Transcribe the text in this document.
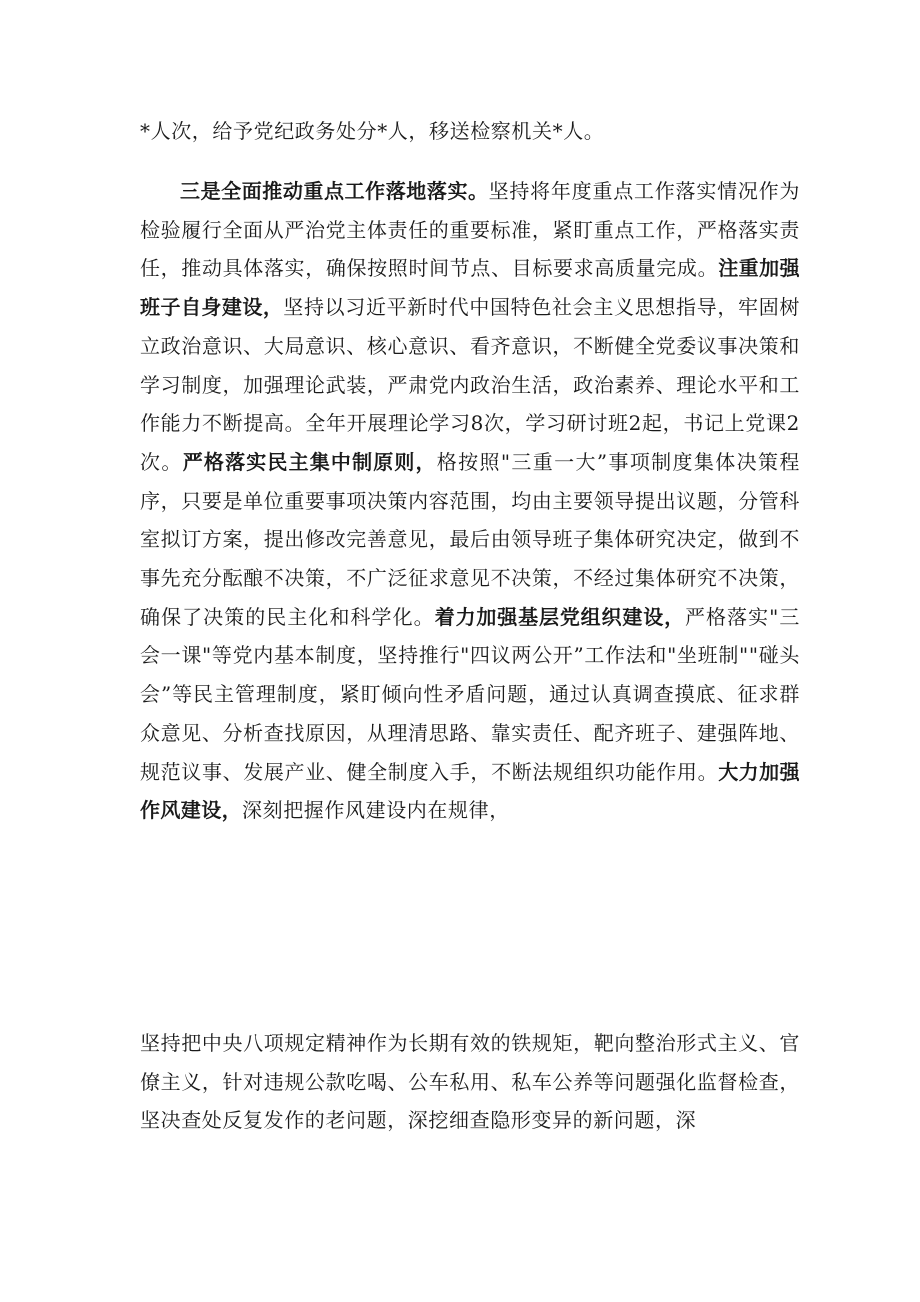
*人次，给予党纪政务处分*人，移送检察机关*人。

三是全面推动重点工作落地落实。坚持将年度重点工作落实情况作为检验履行全面从严治党主体责任的重要标准，紧盯重点工作，严格落实责任，推动具体落实，确保按照时间节点、目标要求高质量完成。注重加强班子自身建设，坚持以习近平新时代中国特色社会主义思想指导，牢固树立政治意识、大局意识、核心意识、看齐意识，不断健全党委议事决策和学习制度，加强理论武装，严肃党内政治生活，政治素养、理论水平和工作能力不断提高。全年开展理论学习8次，学习研讨班2起，书记上党课2次。严格落实民主集中制原则，格按照"三重一大”事项制度集体决策程序，只要是单位重要事项决策内容范围，均由主要领导提出议题，分管科室拟订方案，提出修改完善意见，最后由领导班子集体研究决定，做到不事先充分酝酿不决策，不广泛征求意见不决策，不经过集体研究不决策，确保了决策的民主化和科学化。着力加强基层党组织建设，严格落实"三会一课"等党内基本制度，坚持推行"四议两公开”工作法和"坐班制""碰头会”等民主管理制度，紧盯倾向性矛盾问题，通过认真调查摸底、征求群众意见、分析查找原因，从理清思路、靠实责任、配齐班子、建强阵地、规范议事、发展产业、健全制度入手，不断法规组织功能作用。大力加强作风建设，深刻把握作风建设内在规律，

坚持把中央八项规定精神作为长期有效的铁规矩，靶向整治形式主义、官僚主义，针对违规公款吃喝、公车私用、私车公养等问题强化监督检查，坚决查处反复发作的老问题，深挖细查隐形变异的新问题，深
